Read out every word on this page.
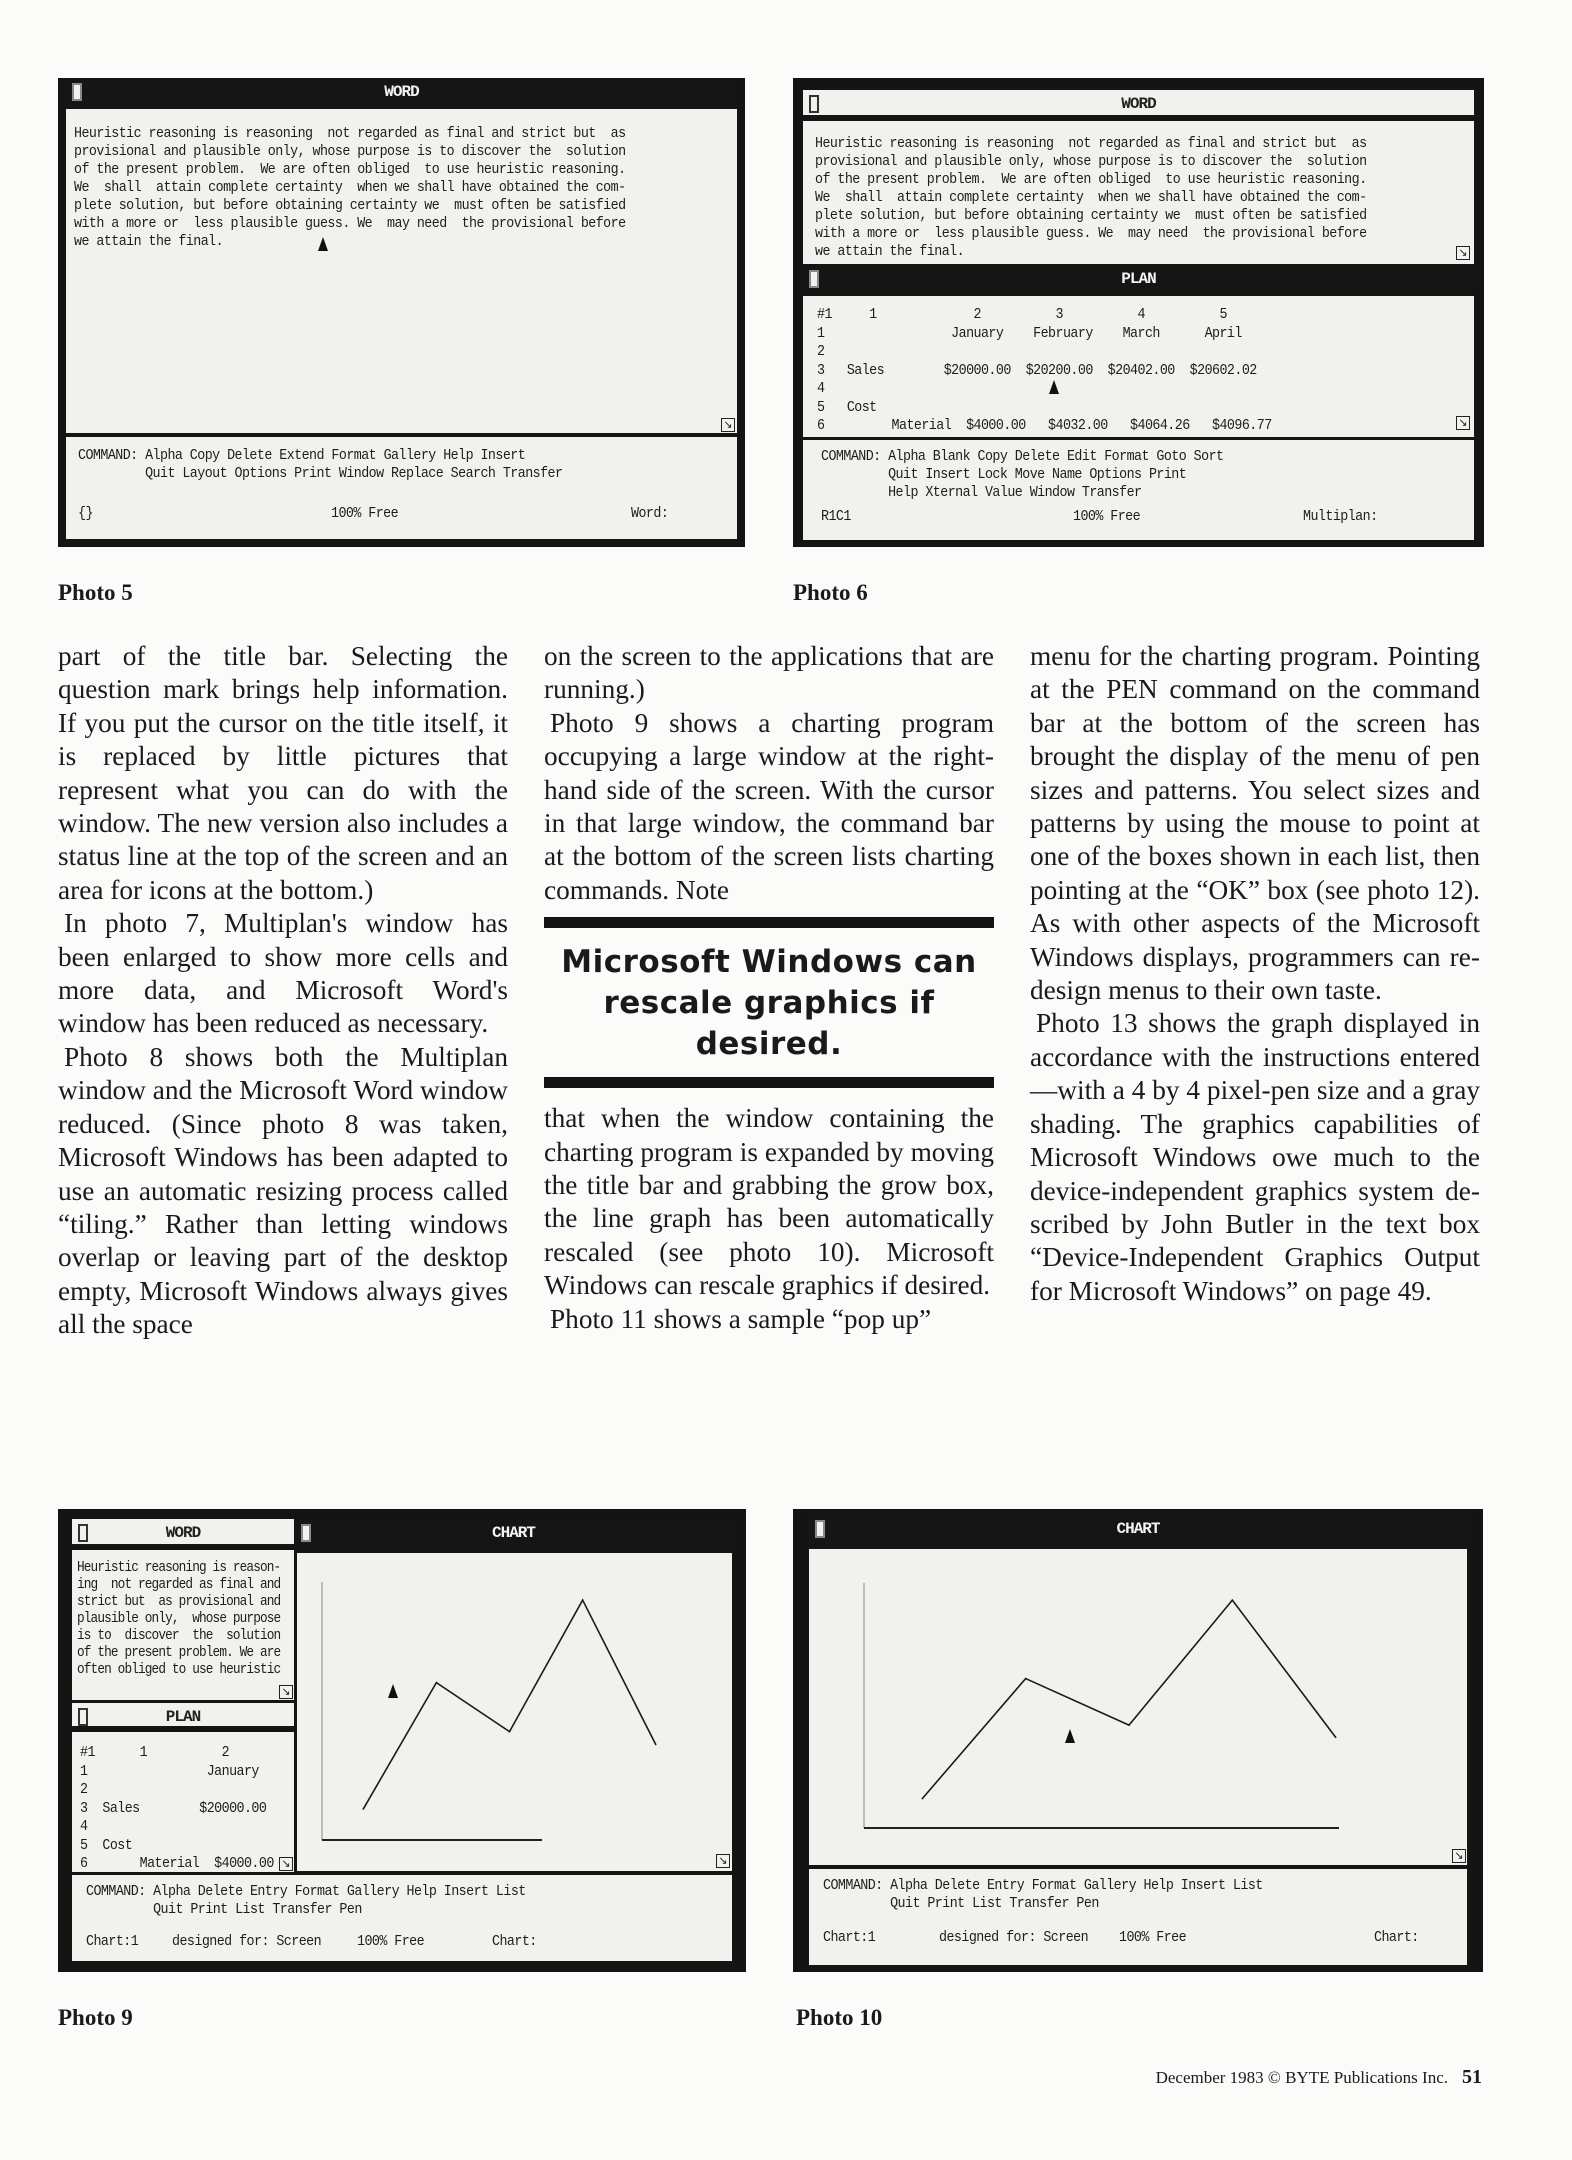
WORD
Heuristic reasoning is reasoning  not regarded as final and strict but  as
provisional and plausible only, whose purpose is to discover the  solution
of the present problem.  We are often obliged  to use heuristic reasoning.
We  shall  attain complete certainty  when we shall have obtained the com-
plete solution, but before obtaining certainty we  must often be satisfied
with a more or  less plausible guess. We  may need  the provisional before
we attain the final.
↘
COMMAND: Alpha Copy Delete Extend Format Gallery Help Insert
Quit Layout Options Print Window Replace Search Transfer
{}	100% Free	Word:
Photo 5
WORD
Heuristic reasoning is reasoning  not regarded as final and strict but  as
provisional and plausible only, whose purpose is to discover the  solution
of the present problem.  We are often obliged  to use heuristic reasoning.
We  shall  attain complete certainty  when we shall have obtained the com-
plete solution, but before obtaining certainty we  must often be satisfied
with a more or  less plausible guess. We  may need  the provisional before
we attain the final.	↘
PLAN
#1     1             2          3          4          5
1                 January    February    March      April
2
3   Sales        $20000.00  $20200.00  $20402.00  $20602.02
4
5   Cost
6         Material  $4000.00   $4032.00   $4064.26   $4096.77	↘
COMMAND: Alpha Blank Copy Delete Edit Format Goto Sort
Quit Insert Lock Move Name Options Print
Help Xternal Value Window Transfer
R1C1	100% Free	Multiplan:
Photo 6

part of the title bar. Selecting the question mark brings help information. If you put the cursor on the title itself, it is replaced by little pictures that represent what you can do with the window. The new version also includes a status line at the top of the screen and an area for icons at the bottom.)

In photo 7, Multiplan's window has been enlarged to show more cells and more data, and Microsoft Word's window has been reduced as necessary.

Photo 8 shows both the Multiplan window and the Microsoft Word window reduced. (Since photo 8 was taken, Microsoft Windows has been adapted to use an automatic resizing process called “tiling.” Rather than letting windows overlap or leaving part of the desktop empty, Microsoft Windows always gives all the space

on the screen to the applications that are running.)

Photo 9 shows a charting program occupying a large window at the right-hand side of the screen. With the cursor in that large window, the command bar at the bottom of the screen lists charting commands. Note

Microsoft Windows can rescale graphics if desired.

that when the window containing the charting program is expanded by moving the title bar and grabbing the grow box, the line graph has been automatically rescaled (see photo 10). Microsoft Windows can rescale graphics if desired.

Photo 11 shows a sample “pop up”

menu for the charting program. Pointing at the PEN command on the command bar at the bottom of the screen has brought the display of the menu of pen sizes and patterns. You select sizes and patterns by using the mouse to point at one of the boxes shown in each list, then pointing at the “OK” box (see photo 12). As with other aspects of the Microsoft Windows displays, programmers can redesign menus to their own taste.

Photo 13 shows the graph displayed in accordance with the instructions entered—with a 4 by 4 pixel-pen size and a gray shading. The graphics capabilities of Microsoft Windows owe much to the device-independent graphics system described by John Butler in the text box “Device-Independent Graphics Output for Microsoft Windows” on page 49.

WORD
Heuristic reasoning is reason-
ing  not regarded as final and
strict but  as provisional and
plausible only,  whose purpose
is to  discover  the  solution
of the present problem. We are
often obliged to use heuristic
↘
PLAN
#1      1          2
1                January
2
3  Sales        $20000.00
4
5  Cost
6       Material  $4000.00 ↘
CHART
↘
COMMAND: Alpha Delete Entry Format Gallery Help Insert List
Quit Print List Transfer Pen
Chart:1 designed for: Screen 100% Free	Chart:
Photo 9
CHART
↘
COMMAND: Alpha Delete Entry Format Gallery Help Insert List
Quit Print List Transfer Pen
Chart:1	designed for: Screen 100% Free	Chart:
Photo 10
December 1983 © BYTE Publications Inc. 51
